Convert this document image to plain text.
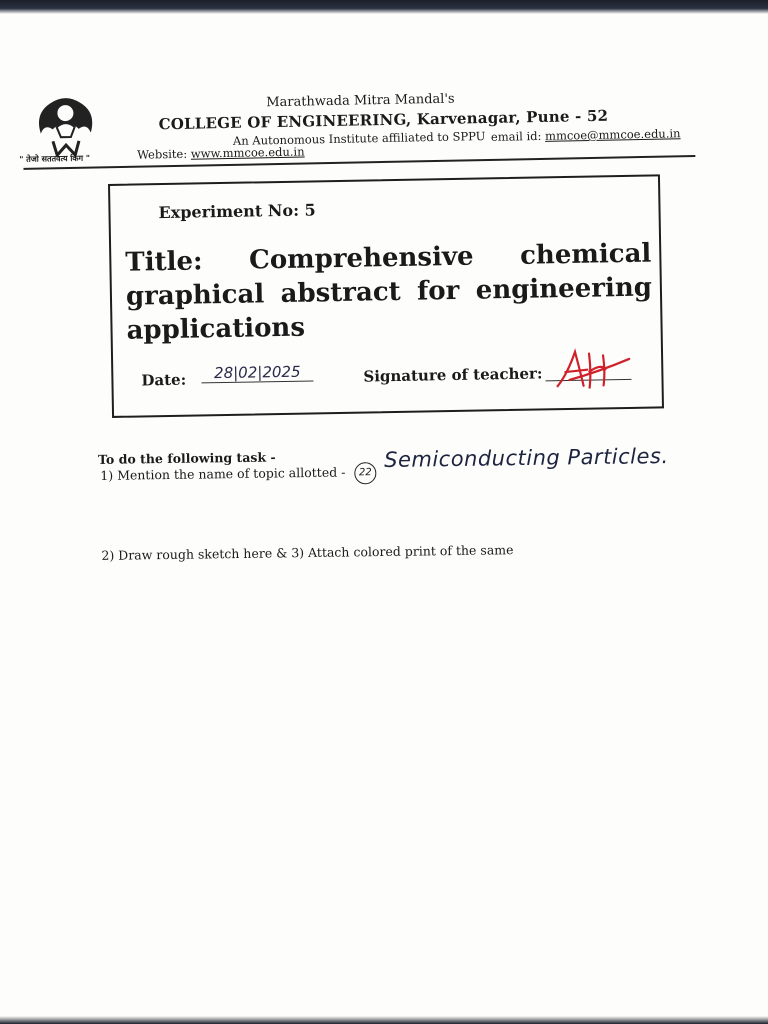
" तेजो सततवत्य किंग "
Marathwada Mitra Mandal's
COLLEGE OF ENGINEERING, Karvenagar, Pune - 52
An Autonomous Institute affiliated to SPPU
Website: www.mmcoe.edu.in
email id: mmcoe@mmcoe.edu.in
Experiment No: 5
Title: Comprehensive chemical graphical abstract for engineering applications
Date:	28|02|2025	Signature of teacher:
To do the following task -
1) Mention the name of topic allotted -	22
Semiconducting Particles.
2) Draw rough sketch here & 3) Attach colored print of the same
